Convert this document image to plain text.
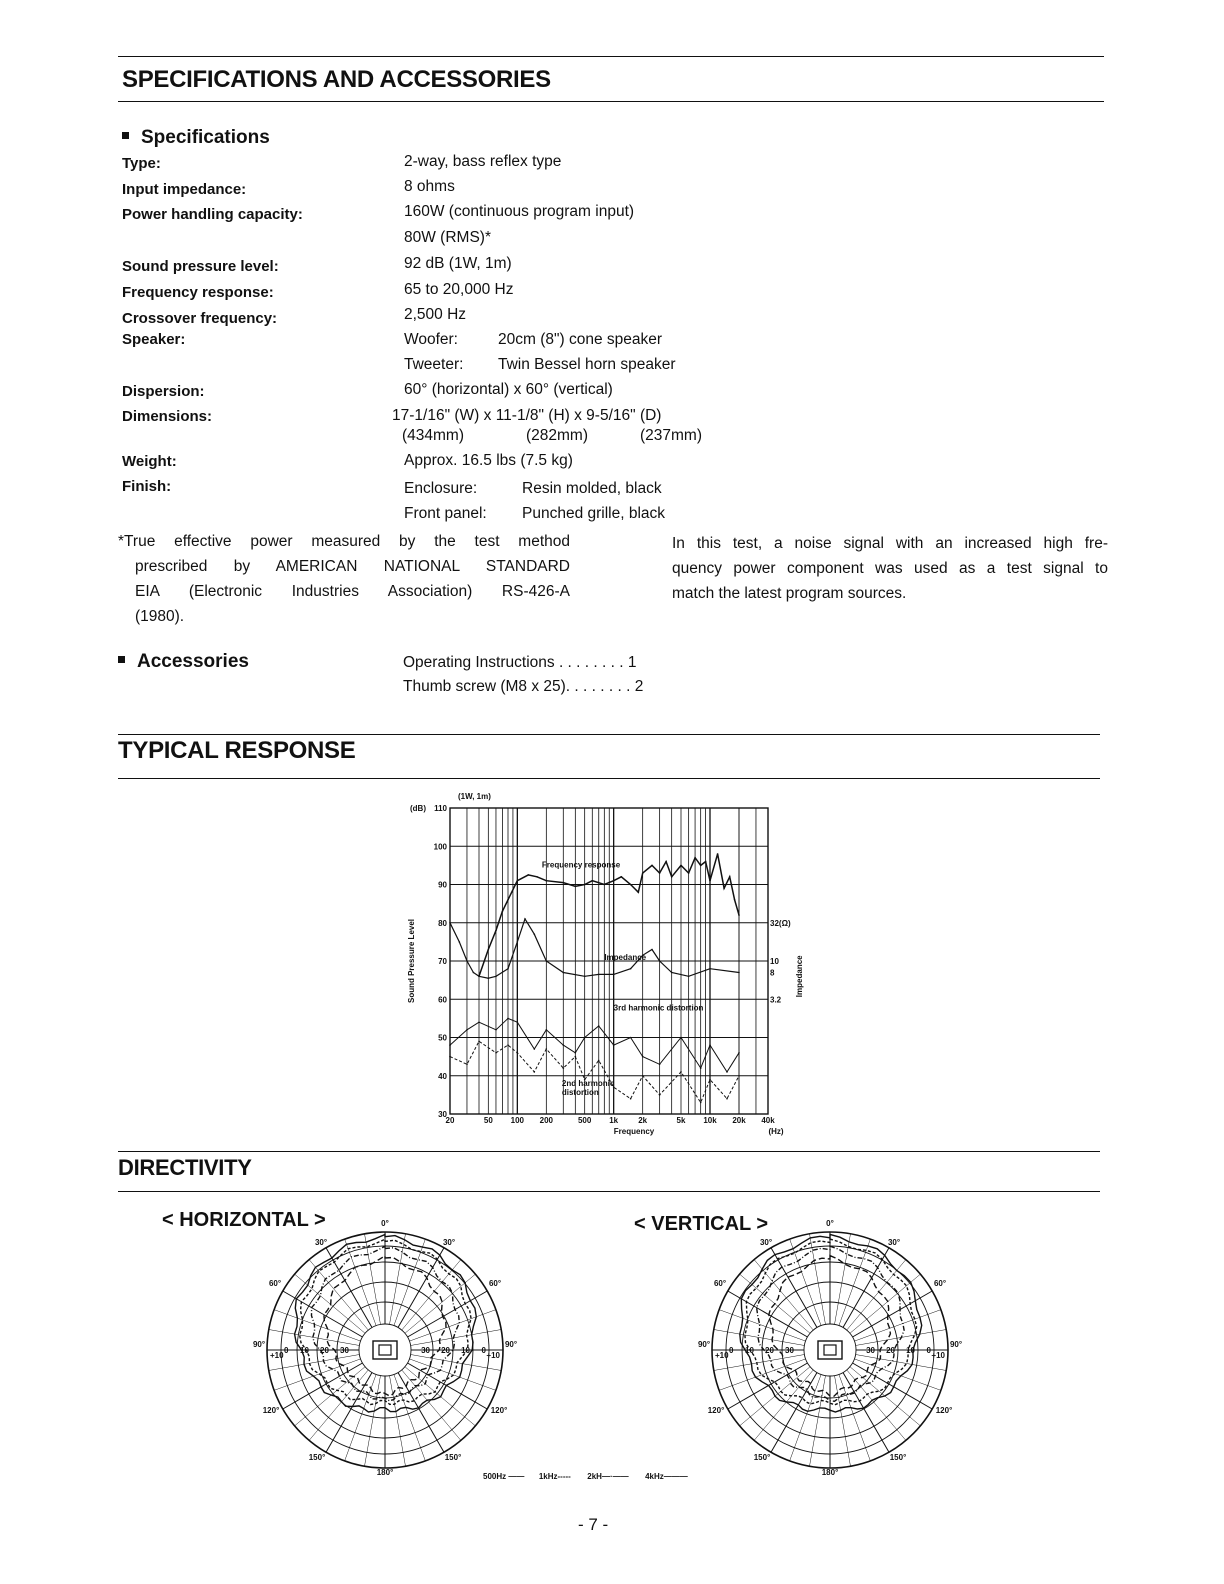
SPECIFICATIONS AND ACCESSORIES
Specifications
Type:	2-way, bass reflex type
Input impedance:	8 ohms
Power handling capacity:	160W (continuous program input)
80W (RMS)*
Sound pressure level:	92 dB (1W, 1m)
Frequency response:	65 to 20,000 Hz
Crossover frequency:	2,500 Hz
Speaker:	Woofer:	20cm (8") cone speaker
Tweeter: Twin Bessel horn speaker
Dispersion:	60° (horizontal) x 60° (vertical)
Dimensions:	17-1/16" (W) x 11-1/8" (H) x 9-5/16" (D)
(434mm)	(282mm)	(237mm)
Weight:	Approx. 16.5 lbs (7.5 kg)
Finish:	Enclosure:	Resin molded, black
Front panel: Punched grille, black
*True effective power measured by the test method
prescribed by AMERICAN NATIONAL STANDARD
EIA (Electronic Industries Association) RS-426-A
(1980).
In this test, a noise signal with an increased high fre-
quency power component was used as a test signal to
match the latest program sources.
Accessories	Operating Instructions . . . . . . . . 1
Thumb screw (M8 x 25). . . . . . . . 2
TYPICAL RESPONSE
110
100
90
80
70
60
50
40
30
(dB)
20	50 100 200	500 1k	2k	5k 10k 20k 40k
Frequency	(Hz)
(1W, 1m)
Sound Pressure Level	32(Ω)
10
8
3.2
Impedance
Frequency response
Impedance
3rd harmonic distortion
2nd harmonic
distortion
DIRECTIVITY
< HORIZONTAL >	< VERTICAL >
0°
30°	30°
60°	60°
90°	90°
120°	120°
150°	150°
180°
+10	+10
0	0
10	10
20	20
30	30
0°
30°	30°
60°	60°
90°	90°
120°	120°
150°	150°
180°
+10	+10
0	0
10	10
20	20
30	30
500Hz —— 1kHz----- 2kH—·—— 4kHz———
- 7 -
